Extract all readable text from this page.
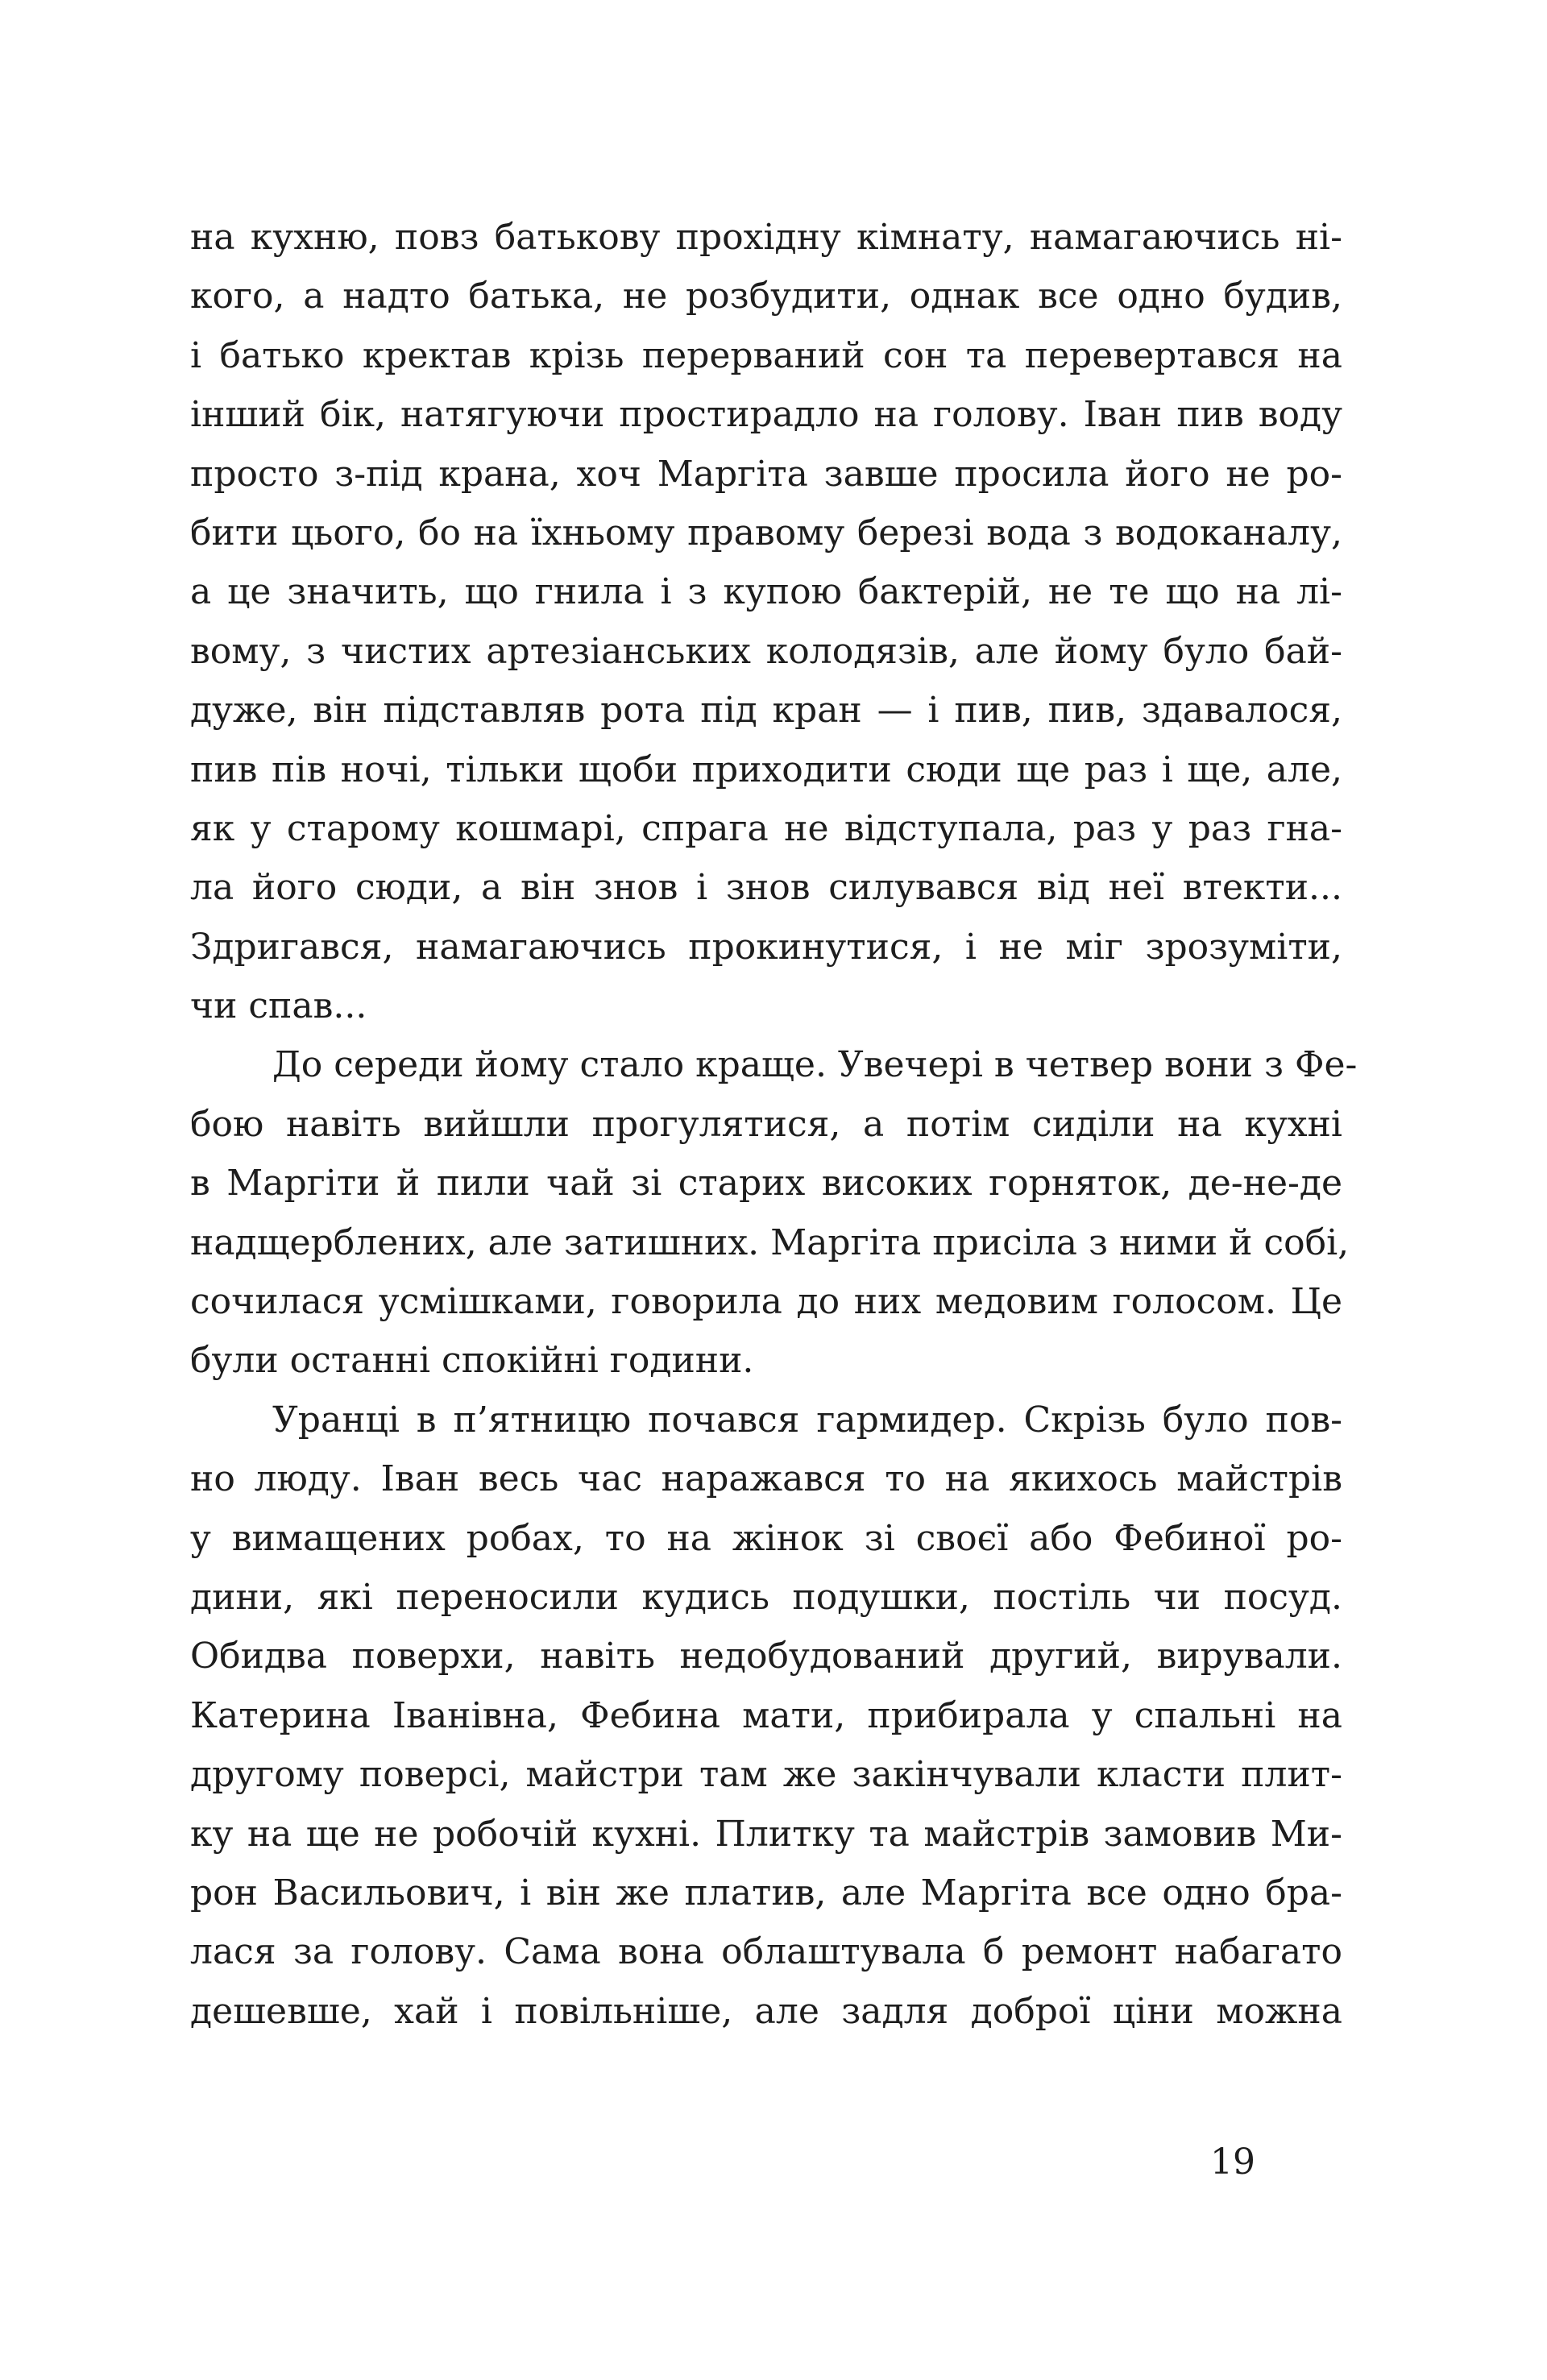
на кухню, повз батькову прохідну кімнату, намагаючись ні-
кого, а надто батька, не розбудити, однак все одно будив,
і батько кректав крізь перерваний сон та перевертався на
інший бік, натягуючи простирадло на голову. Іван пив воду
просто з-під крана, хоч Маргіта завше просила його не ро-
бити цього, бо на їхньому правому березі вода з водоканалу,
а це значить, що гнила і з купою бактерій, не те що на лі-
вому, з чистих артезіанських колодязів, але йому було бай-
дуже, він підставляв рота під кран — і пив, пив, здавалося,
пив пів ночі, тільки щоби приходити сюди ще раз і ще, але,
як у старому кошмарі, спрага не відступала, раз у раз гна-
ла його сюди, а він знов і знов силувався від неї втекти...
Здригався, намагаючись прокинутися, і не міг зрозуміти,
чи спав...
До середи йому стало краще. Увечері в четвер вони з Фе-
бою навіть вийшли прогулятися, а потім сиділи на кухні
в Маргіти й пили чай зі старих високих горняток, де-не-де
надщерблених, але затишних. Маргіта присіла з ними й собі,
сочилася усмішками, говорила до них медовим голосом. Це
були останні спокійні години.
Уранці в п’ятницю почався гармидер. Скрізь було пов-
но люду. Іван весь час наражався то на якихось майстрів
у вимащених робах, то на жінок зі своєї або Фебиної ро-
дини, які переносили кудись подушки, постіль чи посуд.
Обидва поверхи, навіть недобудований другий, вирували.
Катерина Іванівна, Фебина мати, прибирала у спальні на
другому поверсі, майстри там же закінчували класти плит-
ку на ще не робочій кухні. Плитку та майстрів замовив Ми-
рон Васильович, і він же платив, але Маргіта все одно бра-
лася за голову. Сама вона облаштувала б ремонт набагато
дешевше, хай і повільніше, але задля доброї ціни можна
19
